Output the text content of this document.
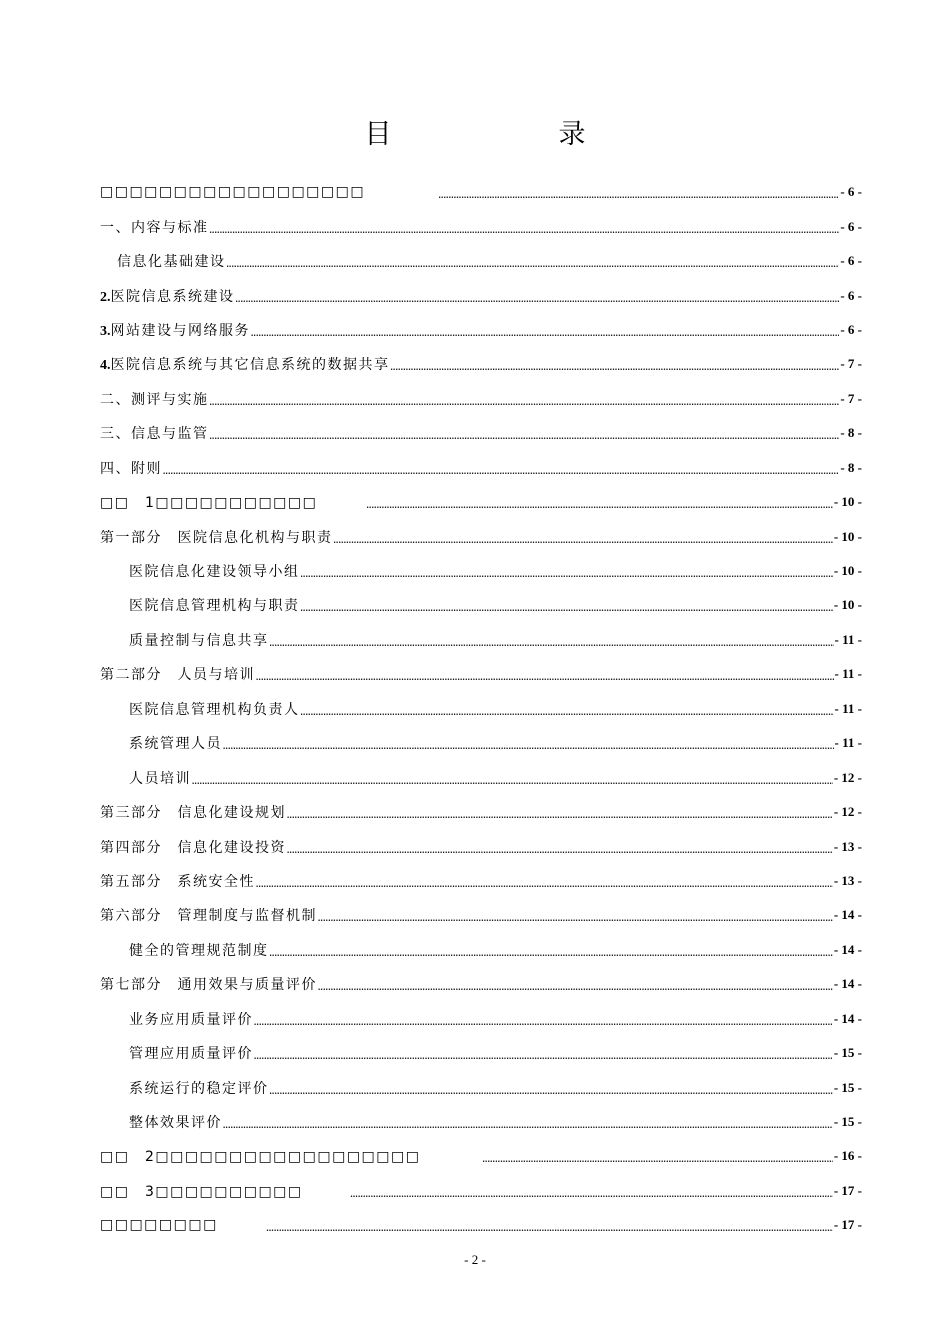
目　录
□□□□□□□□□□□□□□□□□□ .....	- 6 -
一、内容与标准 .....	- 6 -
信息化基础建设 .....	- 6 -
2.医院信息系统建设 .....	- 6 -
3.网站建设与网络服务 .....	- 6 -
4.医院信息系统与其它信息系统的数据共享 .....	- 7 -
二、测评与实施 .....	- 7 -
三、信息与监管 .....	- 8 -
四、附则 .....	- 8 -
□□　1□□□□□□□□□□□ .....	- 10 -
第一部分　医院信息化机构与职责 .....	- 10 -
医院信息化建设领导小组 .....	- 10 -
医院信息管理机构与职责 .....	- 10 -
质量控制与信息共享 .....	- 11 -
第二部分　人员与培训 .....	- 11 -
医院信息管理机构负责人 .....	- 11 -
系统管理人员 .....	- 11 -
人员培训 .....	- 12 -
第三部分　信息化建设规划 .....	- 12 -
第四部分　信息化建设投资 .....	- 13 -
第五部分　系统安全性 .....	- 13 -
第六部分　管理制度与监督机制 .....	- 14 -
健全的管理规范制度 .....	- 14 -
第七部分　通用效果与质量评价 .....	- 14 -
业务应用质量评价 .....	- 14 -
管理应用质量评价 .....	- 15 -
系统运行的稳定评价 .....	- 15 -
整体效果评价 .....	- 15 -
□□　2□□□□□□□□□□□□□□□□□□ .....	- 16 -
□□　3□□□□□□□□□□ .....	- 17 -
□□□□□□□□ .....	- 17 -
- 2 -
